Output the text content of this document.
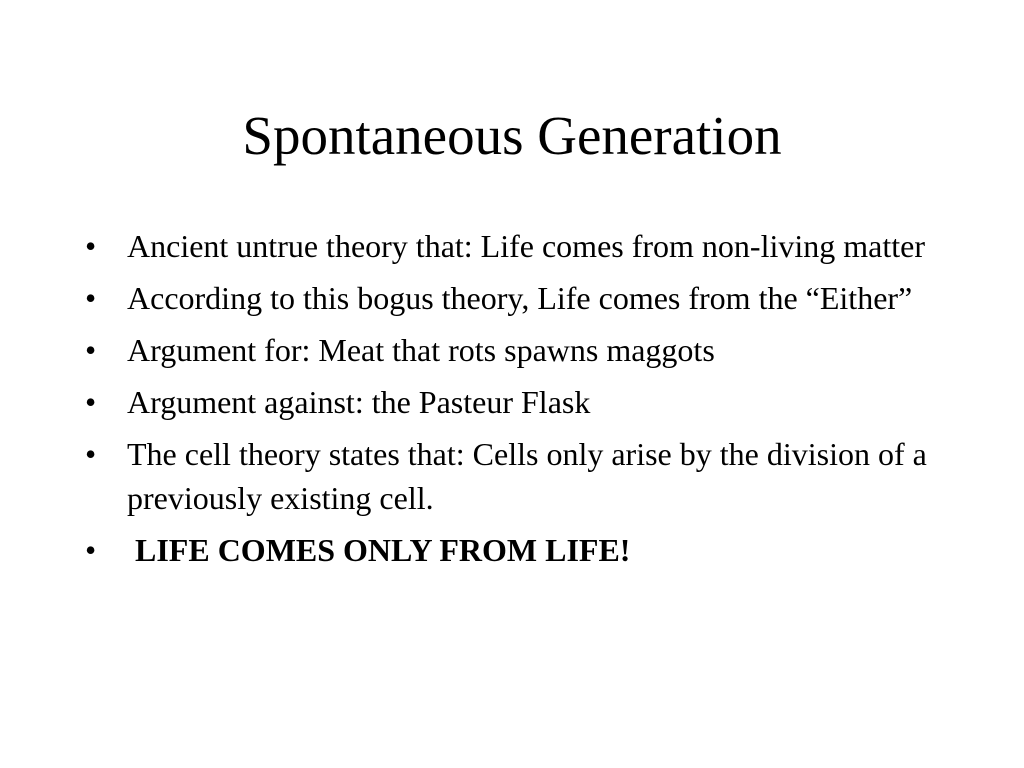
Spontaneous Generation
• Ancient untrue theory that: Life comes from non-living matter
• According to this bogus theory, Life comes from the “Either”
• Argument for: Meat that rots spawns maggots
• Argument against: the Pasteur Flask
• The cell theory states that: Cells only arise by the division of a previously existing cell.
•	LIFE COMES ONLY FROM LIFE!
